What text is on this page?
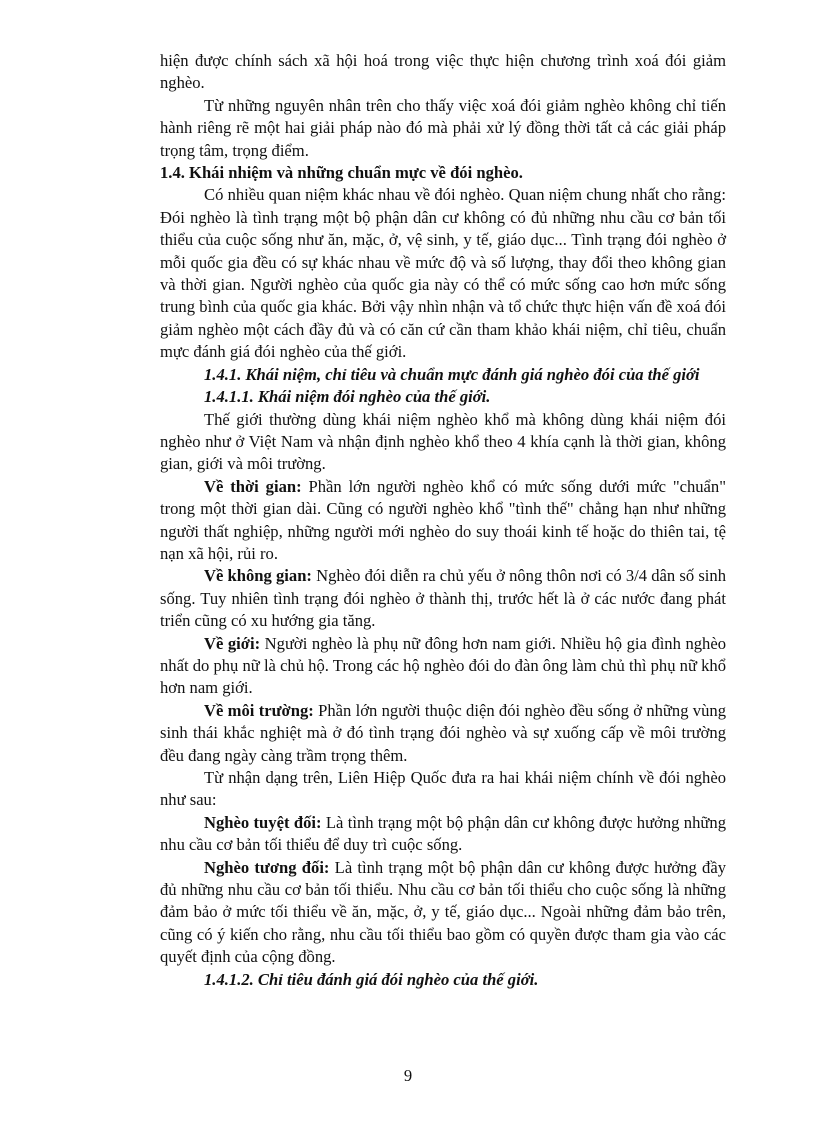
hiện được chính sách xã hội hoá trong việc thực hiện chương trình xoá đói giảm nghèo.

Từ những nguyên nhân trên cho thấy việc xoá đói giảm nghèo không chỉ tiến hành riêng rẽ một hai giải pháp nào đó mà phải xử lý đồng thời tất cả các giải pháp trọng tâm, trọng điểm.

1.4. Khái nhiệm và những chuẩn mực về đói nghèo.

Có nhiều quan niệm khác nhau về đói nghèo. Quan niệm chung nhất cho rằng: Đói nghèo là tình trạng một bộ phận dân cư không có đủ những nhu cầu cơ bản tối thiểu của cuộc sống như ăn, mặc, ở, vệ sinh, y tế, giáo dục... Tình trạng đói nghèo ở mỗi quốc gia đều có sự khác nhau về mức độ và số lượng, thay đổi theo không gian và thời gian. Người nghèo của quốc gia này có thể có mức sống cao hơn mức sống trung bình của quốc gia khác. Bởi vậy nhìn nhận và tổ chức thực hiện vấn đề xoá đói giảm nghèo một cách đầy đủ và có căn cứ cần tham khảo khái niệm, chỉ tiêu, chuẩn mực đánh giá đói nghèo của thế giới.

1.4.1. Khái niệm, chỉ tiêu và chuẩn mực đánh giá nghèo đói của thế giới

1.4.1.1. Khái niệm đói nghèo của thế giới.

Thế giới thường dùng khái niệm nghèo khổ mà không dùng khái niệm đói nghèo như ở Việt Nam và nhận định nghèo khổ theo 4 khía cạnh là thời gian, không gian, giới và môi trường.

Về thời gian: Phần lớn người nghèo khổ có mức sống dưới mức "chuẩn" trong một thời gian dài. Cũng có người nghèo khổ "tình thế" chẳng hạn như những người thất nghiệp, những người mới nghèo do suy thoái kinh tế hoặc do thiên tai, tệ nạn xã hội, rủi ro.

Về không gian: Nghèo đói diễn ra chủ yếu ở nông thôn nơi có 3/4 dân số sinh sống. Tuy nhiên tình trạng đói nghèo ở thành thị, trước hết là ở các nước đang phát triển cũng có xu hướng gia tăng.

Về giới: Người nghèo là phụ nữ đông hơn nam giới. Nhiều hộ gia đình nghèo nhất do phụ nữ là chủ hộ. Trong các hộ nghèo đói do đàn ông làm chủ thì phụ nữ khổ hơn nam giới.

Về môi trường: Phần lớn người thuộc diện đói nghèo đều sống ở những vùng sinh thái khắc nghiệt mà ở đó tình trạng đói nghèo và sự xuống cấp về môi trường đều đang ngày càng trầm trọng thêm.

Từ nhận dạng trên, Liên Hiệp Quốc đưa ra hai khái niệm chính về đói nghèo như sau:

Nghèo tuyệt đối: Là tình trạng một bộ phận dân cư không được hưởng những nhu cầu cơ bản tối thiểu để duy trì cuộc sống.

Nghèo tương đối: Là tình trạng một bộ phận dân cư không được hưởng đầy đủ những nhu cầu cơ bản tối thiểu. Nhu cầu cơ bản tối thiểu cho cuộc sống là những đảm bảo ở mức tối thiểu về ăn, mặc, ở, y tế, giáo dục... Ngoài những đảm bảo trên, cũng có ý kiến cho rằng, nhu cầu tối thiểu bao gồm có quyền được tham gia vào các quyết định của cộng đồng.

1.4.1.2. Chỉ tiêu đánh giá đói nghèo của thế giới.

9
